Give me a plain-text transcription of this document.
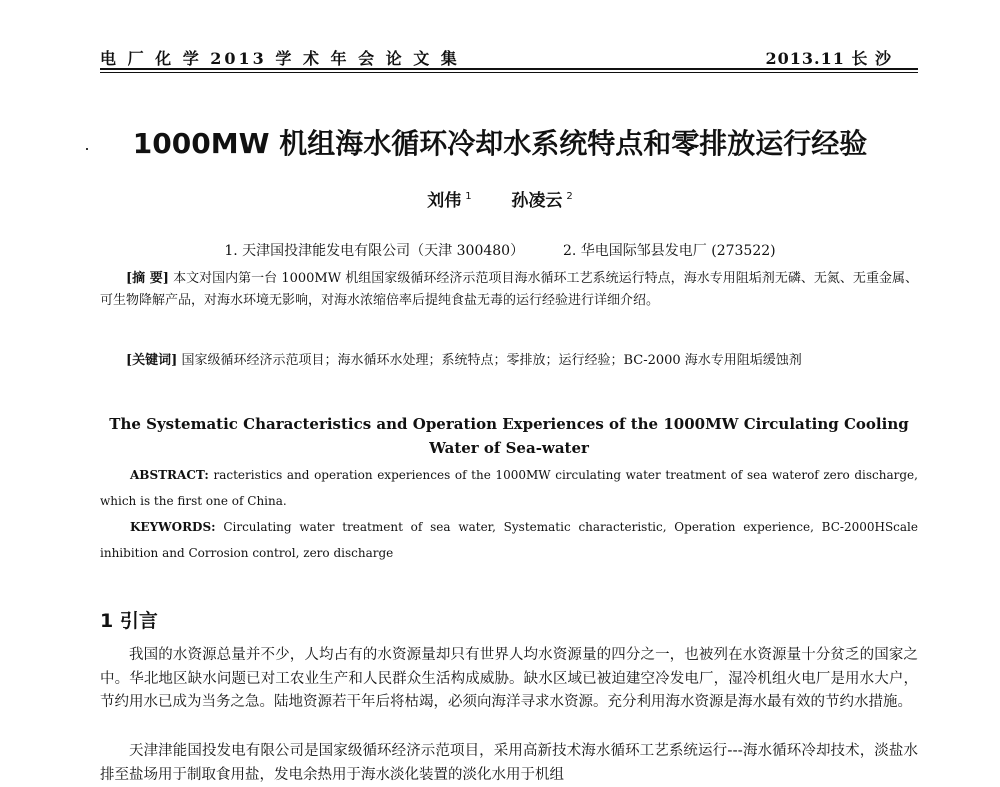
电 厂 化 学 2013 学 术 年 会 论 文 集	2013.11 长 沙
1000MW 机组海水循环冷却水系统特点和零排放运行经验
刘伟 $^1$ 孙凌云 $^2$
1. 天津国投津能发电有限公司（天津 300480）	2. 华电国际邹县发电厂 (273522)
[摘 要] 本文对国内第一台 1000MW 机组国家级循环经济示范项目海水循环工艺系统运行特点，海水专用阻垢剂无磷、无氮、无重金属、可生物降解产品，对海水环境无影响，对海水浓缩倍率后提纯食盐无毒的运行经验进行详细介绍。
[关键词] 国家级循环经济示范项目；海水循环水处理；系统特点；零排放；运行经验；BC-2000 海水专用阻垢缓蚀剂
The Systematic Characteristics and Operation Experiences of the 1000MW Circulating Cooling Water of Sea-water
ABSTRACT: racteristics and operation experiences of the 1000MW circulating water treatment of sea waterof zero discharge, which is the first one of China.
KEYWORDS: Circulating water treatment of sea water, Systematic characteristic, Operation experience, BC-2000HScale inhibition and Corrosion control, zero discharge
1 引言
我国的水资源总量并不少，人均占有的水资源量却只有世界人均水资源量的四分之一，也被列在水资源量十分贫乏的国家之中。华北地区缺水问题已对工农业生产和人民群众生活构成威胁。缺水区域已被迫建空冷发电厂，湿冷机组火电厂是用水大户，节约用水已成为当务之急。陆地资源若干年后将枯竭，必须向海洋寻求水资源。充分利用海水资源是海水最有效的节约水措施。
天津津能国投发电有限公司是国家级循环经济示范项目，采用高新技术海水循环工艺系统运行---海水循环冷却技术，淡盐水排至盐场用于制取食用盐，发电余热用于海水淡化装置的淡化水用于机组
